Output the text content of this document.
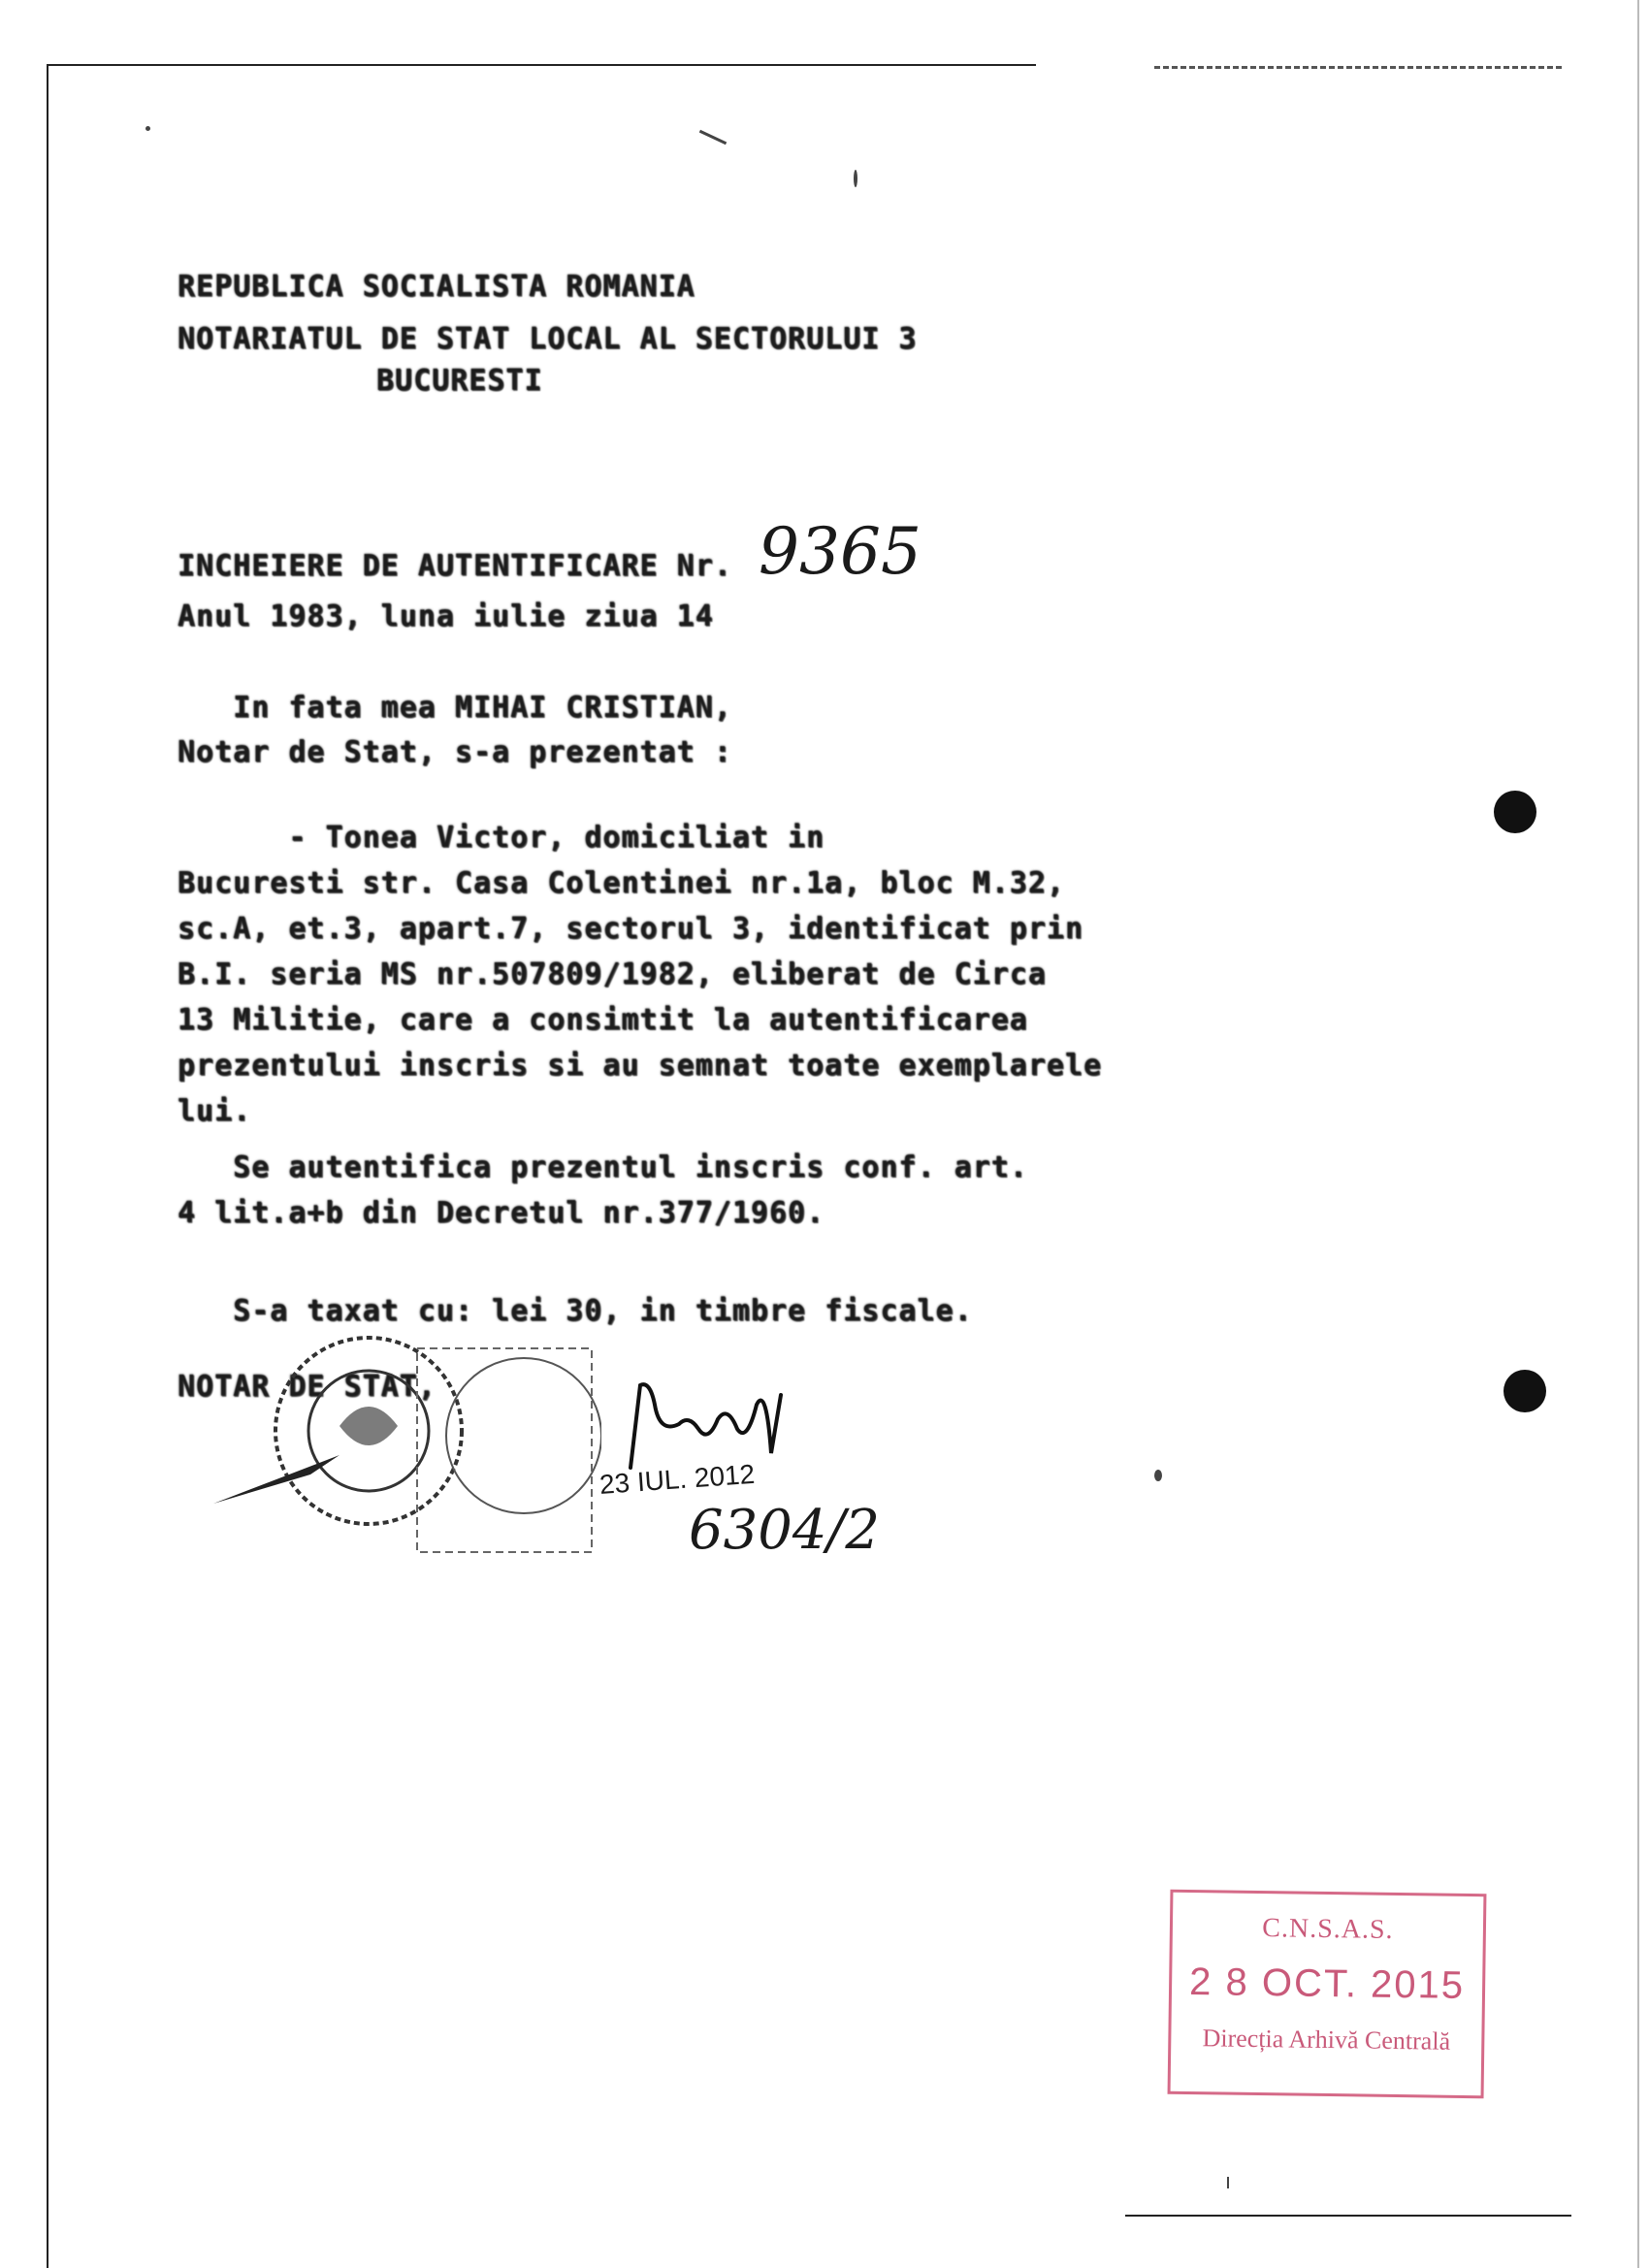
REPUBLICA SOCIALISTA ROMANIA

NOTARIATUL DE STAT LOCAL AL SECTORULUI 3

BUCURESTI

INCHEIERE DE AUTENTIFICARE Nr. 9365

Anul 1983, luna iulie ziua 14

In fata mea MIHAI CRISTIAN,

Notar de Stat, s-a prezentat :

- Tonea Victor, domiciliat in

Bucuresti str. Casa Colentinei nr.1a, bloc M.32,

sc.A, et.3, apart.7, sectorul 3, identificat prin

B.I. seria MS nr.507809/1982, eliberat de Circa

13 Militie, care a consimtit la autentificarea

prezentului inscris si au semnat toate exemplarele

lui.

Se autentifica prezentul inscris conf. art.

4 lit.a+b din Decretul nr.377/1960.

S-a taxat cu: lei 30, in timbre fiscale.

NOTAR DE STAT,

23 IUL. 2012
6304/2
C.N.S.A.S.
2 8 OCT. 2015
Direcția Arhivă Centrală
